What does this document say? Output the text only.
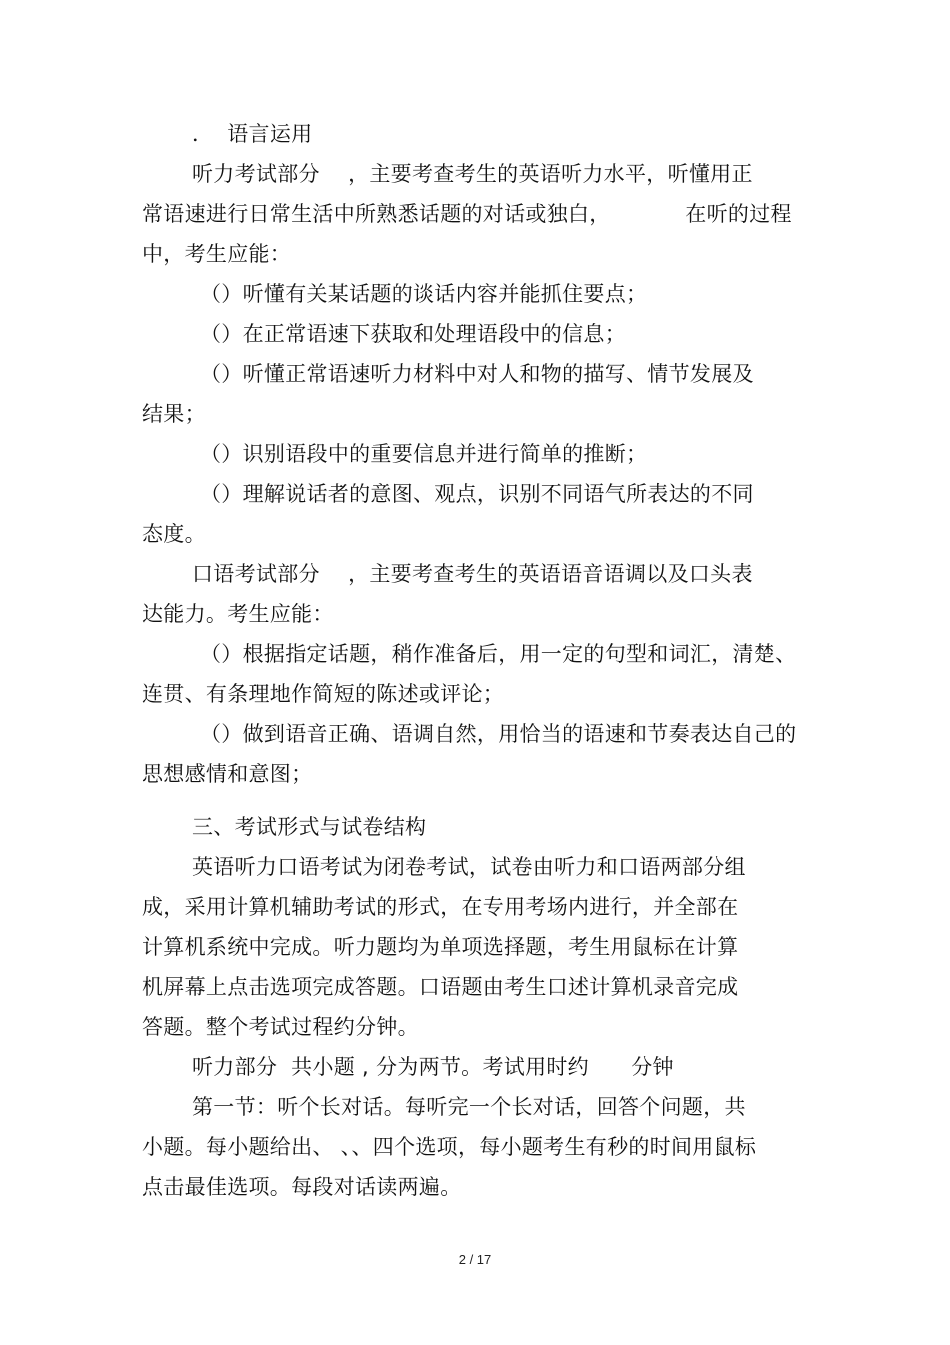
．  语言运用
听力考试部分　 ，主要考查考生的英语听力水平，听懂用正
常语速进行日常生活中所熟悉话题的对话或独白，　　　　在听的过程
中，考生应能：
（）听懂有关某话题的谈话内容并能抓住要点；
（）在正常语速下获取和处理语段中的信息；
（）听懂正常语速听力材料中对人和物的描写、情节发展及
结果；
（）识别语段中的重要信息并进行简单的推断；
（）理解说话者的意图、观点，识别不同语气所表达的不同
态度。
口语考试部分　 ，主要考查考生的英语语音语调以及口头表
达能力。考生应能：
（）根据指定话题，稍作准备后，用一定的句型和词汇，清楚、
连贯、有条理地作简短的陈述或评论；
（）做到语音正确、语调自然，用恰当的语速和节奏表达自己的
思想感情和意图；
三、考试形式与试卷结构
英语听力口语考试为闭卷考试，试卷由听力和口语两部分组
成，采用计算机辅助考试的形式，在专用考场内进行，并全部在
计算机系统中完成。听力题均为单项选择题，考生用鼠标在计算
机屏幕上点击选项完成答题。口语题由考生口述计算机录音完成
答题。整个考试过程约分钟。
听力部分  共小题 , 分为两节。考试用时约　   分钟
第一节：听个长对话。每听完一个长对话，回答个问题，共
小题。每小题给出、 、、四个选项，每小题考生有秒的时间用鼠标
点击最佳选项。每段对话读两遍。
2 / 17
